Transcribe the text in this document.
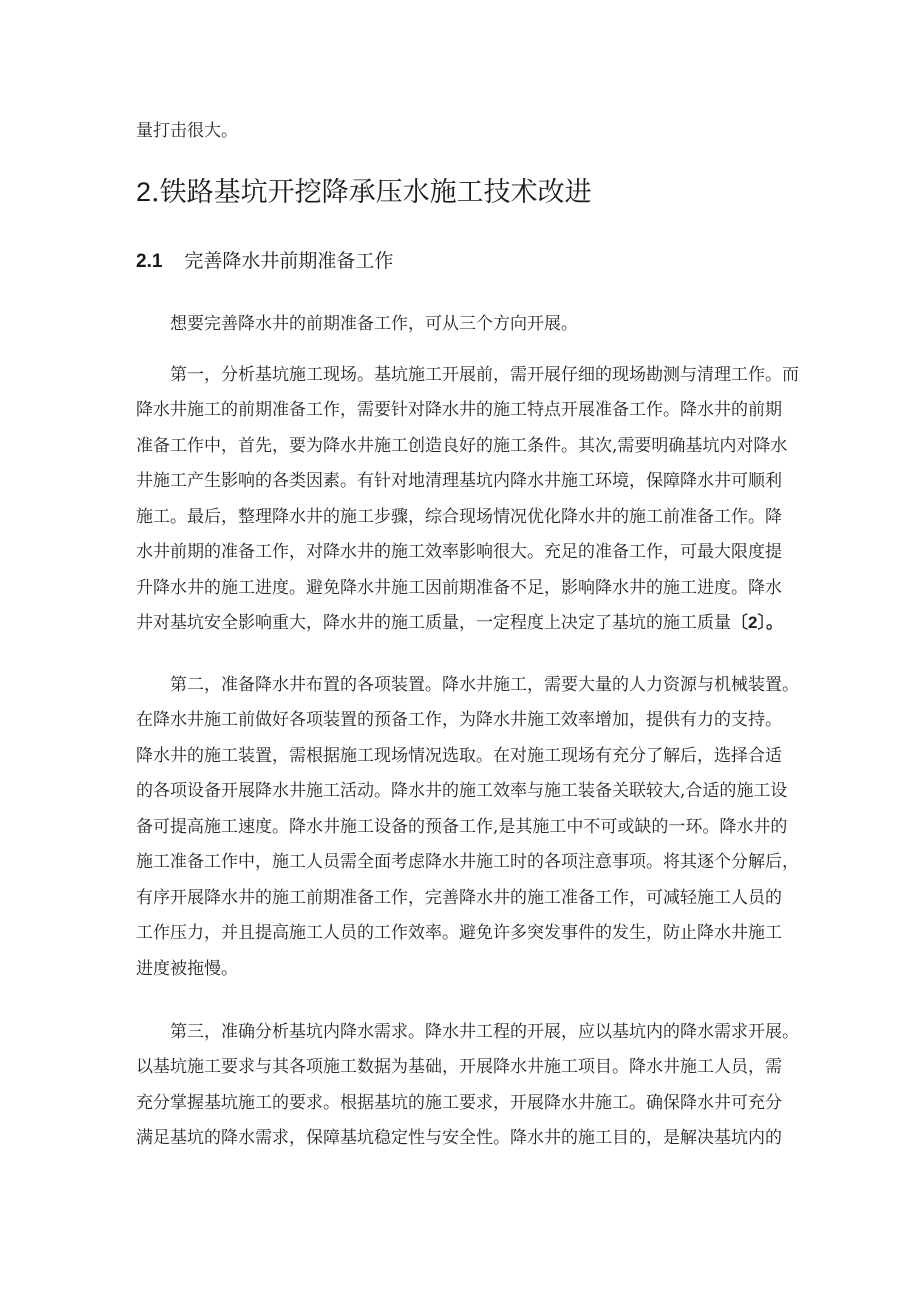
量打击很大。
2.铁路基坑开挖降承压水施工技术改进
2.1 完善降水井前期准备工作
想要完善降水井的前期准备工作，可从三个方向开展。
第一，分析基坑施工现场。基坑施工开展前，需开展仔细的现场勘测与清理工作。而
降水井施工的前期准备工作，需要针对降水井的施工特点开展准备工作。降水井的前期
准备工作中，首先，要为降水井施工创造良好的施工条件。其次,需要明确基坑内对降水
井施工产生影响的各类因素。有针对地清理基坑内降水井施工环境，保障降水井可顺利
施工。最后，整理降水井的施工步骤，综合现场情况优化降水井的施工前准备工作。降
水井前期的准备工作，对降水井的施工效率影响很大。充足的准备工作，可最大限度提
升降水井的施工进度。避免降水井施工因前期准备不足，影响降水井的施工进度。降水
井对基坑安全影响重大，降水井的施工质量，一定程度上决定了基坑的施工质量〔2〕。
第二，准备降水井布置的各项装置。降水井施工，需要大量的人力资源与机械装置。
在降水井施工前做好各项装置的预备工作，为降水井施工效率增加，提供有力的支持。
降水井的施工装置，需根据施工现场情况选取。在对施工现场有充分了解后，选择合适
的各项设备开展降水井施工活动。降水井的施工效率与施工装备关联较大,合适的施工设
备可提高施工速度。降水井施工设备的预备工作,是其施工中不可或缺的一环。降水井的
施工准备工作中，施工人员需全面考虑降水井施工时的各项注意事项。将其逐个分解后，
有序开展降水井的施工前期准备工作，完善降水井的施工准备工作，可减轻施工人员的
工作压力，并且提高施工人员的工作效率。避免许多突发事件的发生，防止降水井施工
进度被拖慢。
第三，准确分析基坑内降水需求。降水井工程的开展，应以基坑内的降水需求开展。
以基坑施工要求与其各项施工数据为基础，开展降水井施工项目。降水井施工人员，需
充分掌握基坑施工的要求。根据基坑的施工要求，开展降水井施工。确保降水井可充分
满足基坑的降水需求，保障基坑稳定性与安全性。降水井的施工目的，是解决基坑内的
